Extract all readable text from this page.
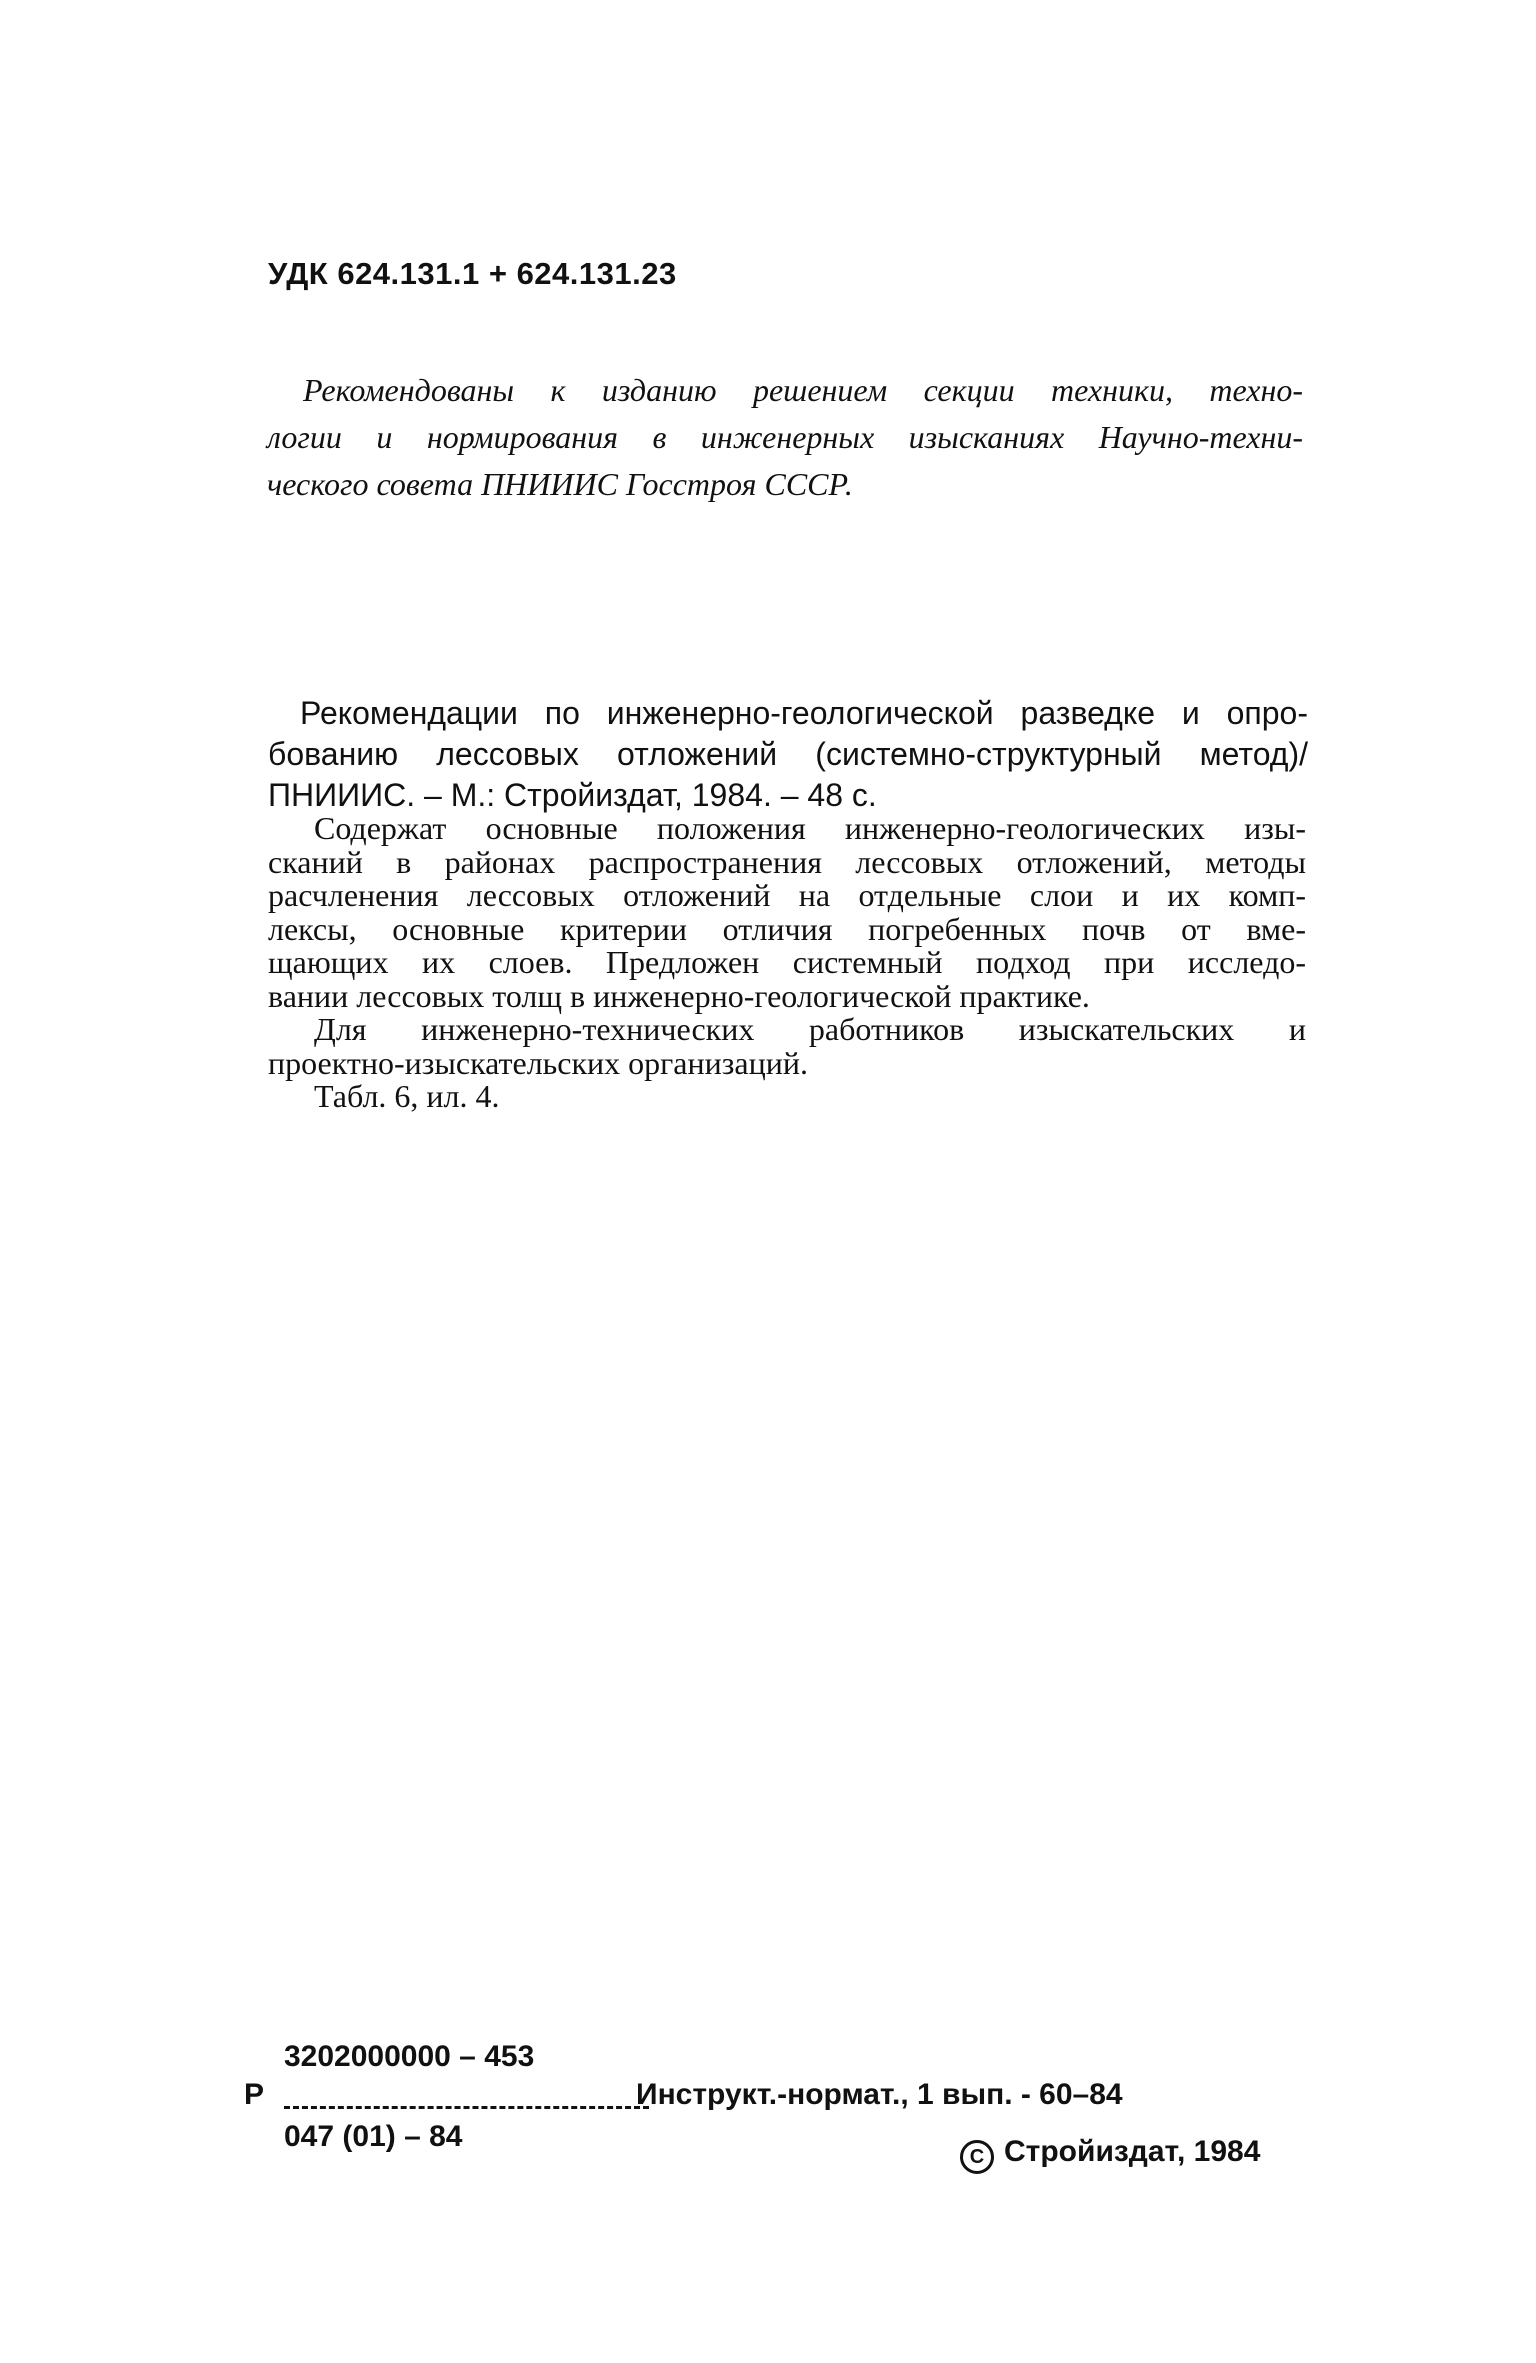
УДК 624.131.1 + 624.131.23
Рекомендованы к изданию решением секции техники, техно-
логии и нормирования в инженерных изысканиях Научно-техни-
ческого совета ПНИИИС Госстроя СССР.
Рекомендации по инженерно-геологической разведке и опро-
бованию лессовых отложений (системно-структурный метод)/
ПНИИИС. – М.: Стройиздат, 1984. – 48 с.
Содержат основные положения инженерно-геологических изы-
сканий в районах распространения лессовых отложений, методы
расчленения лессовых отложений на отдельные слои и их комп-
лексы, основные критерии отличия погребенных почв от вме-
щающих их слоев. Предложен системный подход при исследо-
вании лессовых толщ в инженерно-геологической практике.
Для инженерно-технических работников изыскательских и
проектно-изыскательских организаций.
Табл. 6, ил. 4.
3202000000 – 453
Р	Инструкт.-нормат., 1 вып. - 60–84
047 (01) – 84
C Стройиздат, 1984
